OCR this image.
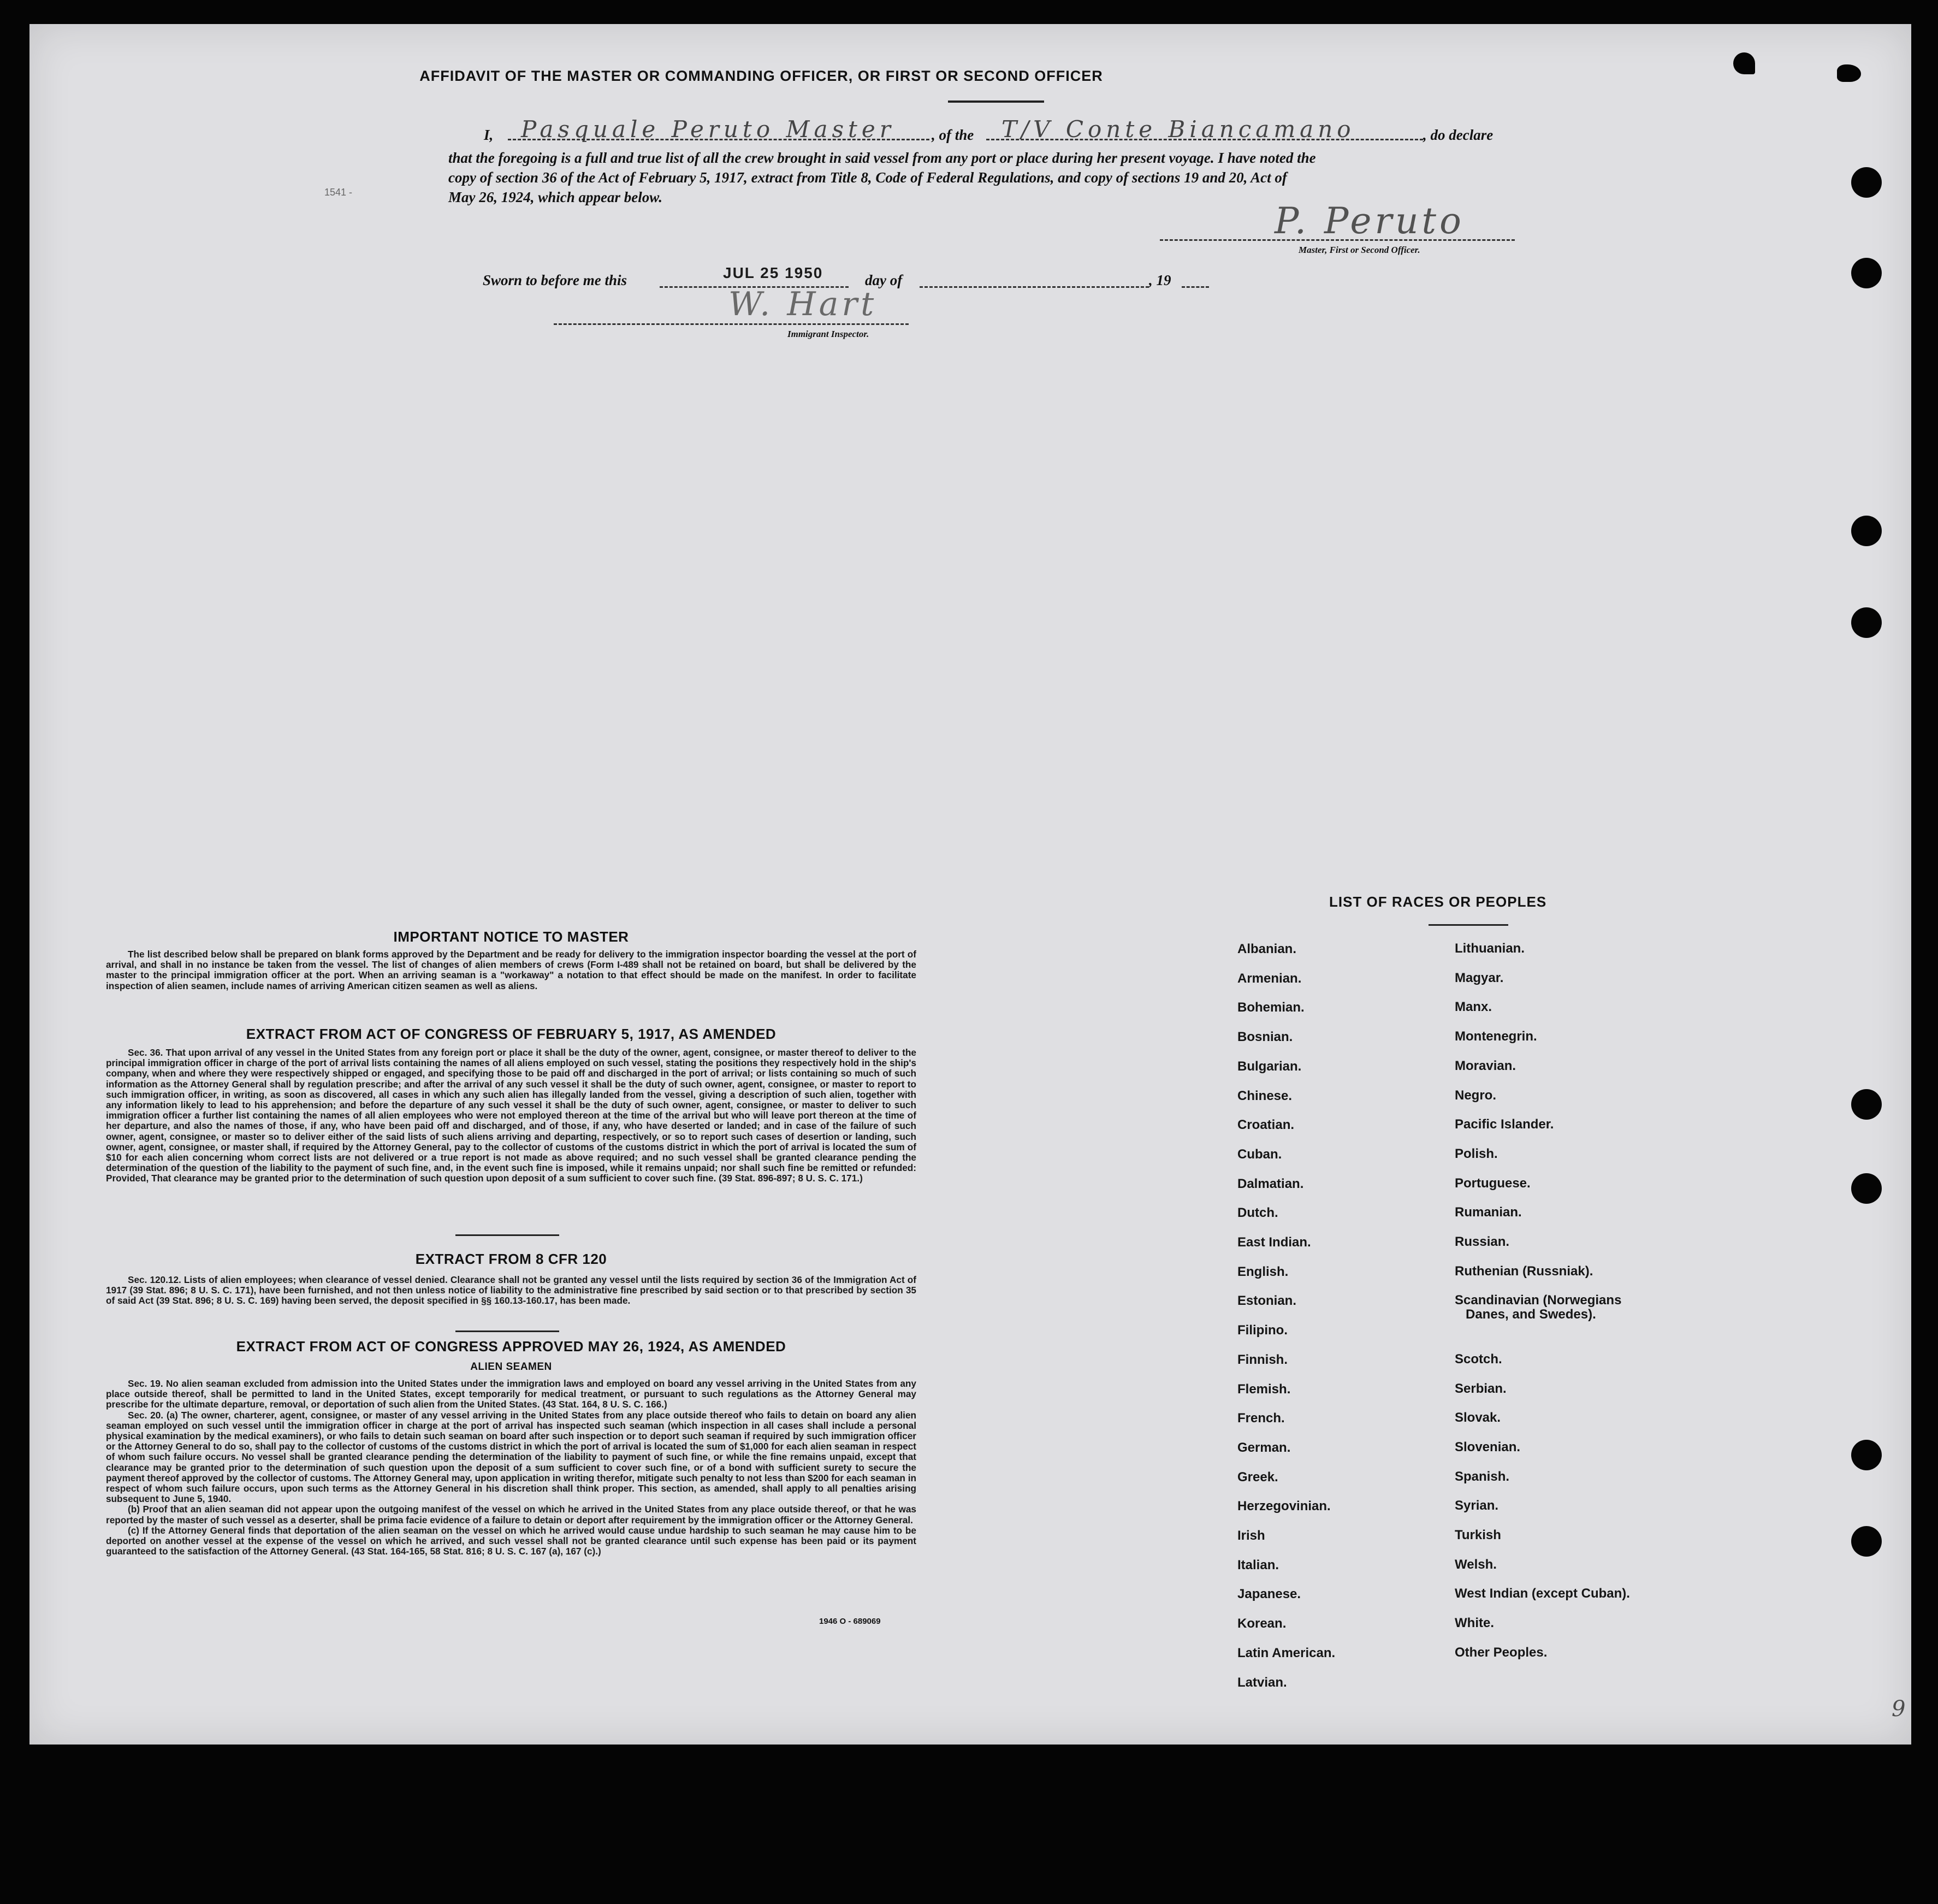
AFFIDAVIT OF THE MASTER OR COMMANDING OFFICER, OR FIRST OR SECOND OFFICER
I, Pasquale Peruto Master , of the T/V Conte Biancamano	, do declare
that the foregoing is a full and true list of all the crew brought in said vessel from any port or place during her present voyage. I have noted the
copy of section 36 of the Act of February 5, 1917, extract from Title 8, Code of Federal Regulations, and copy of sections 19 and 20, Act of
May 26, 1924, which appear below.
1541 -
P. Peruto
Master, First or Second Officer.
Sworn to before me this	JUL 25 1950	day of	, 19
W. Hart
Immigrant Inspector.
IMPORTANT NOTICE TO MASTER

The list described below shall be prepared on blank forms approved by the Department and be ready for delivery to the immigration inspector boarding the vessel at the port of arrival, and shall in no instance be taken from the vessel. The list of changes of alien members of crews (Form I-489 shall not be retained on board, but shall be delivered by the master to the principal immigration officer at the port. When an arriving seaman is a "workaway" a notation to that effect should be made on the manifest. In order to facilitate inspection of alien seamen, include names of arriving American citizen seamen as well as aliens.

EXTRACT FROM ACT OF CONGRESS OF FEBRUARY 5, 1917, AS AMENDED

Sec. 36. That upon arrival of any vessel in the United States from any foreign port or place it shall be the duty of the owner, agent, consignee, or master thereof to deliver to the principal immigration officer in charge of the port of arrival lists containing the names of all aliens employed on such vessel, stating the positions they respectively hold in the ship's company, when and where they were respectively shipped or engaged, and specifying those to be paid off and discharged in the port of arrival; or lists containing so much of such information as the Attorney General shall by regulation prescribe; and after the arrival of any such vessel it shall be the duty of such owner, agent, consignee, or master to report to such immigration officer, in writing, as soon as discovered, all cases in which any such alien has illegally landed from the vessel, giving a description of such alien, together with any information likely to lead to his apprehension; and before the departure of any such vessel it shall be the duty of such owner, agent, consignee, or master to deliver to such immigration officer a further list containing the names of all alien employees who were not employed thereon at the time of the arrival but who will leave port thereon at the time of her departure, and also the names of those, if any, who have been paid off and discharged, and of those, if any, who have deserted or landed; and in case of the failure of such owner, agent, consignee, or master so to deliver either of the said lists of such aliens arriving and departing, respectively, or so to report such cases of desertion or landing, such owner, agent, consignee, or master shall, if required by the Attorney General, pay to the collector of customs of the customs district in which the port of arrival is located the sum of $10 for each alien concerning whom correct lists are not delivered or a true report is not made as above required; and no such vessel shall be granted clearance pending the determination of the question of the liability to the payment of such fine, and, in the event such fine is imposed, while it remains unpaid; nor shall such fine be remitted or refunded: Provided, That clearance may be granted prior to the determination of such question upon deposit of a sum sufficient to cover such fine. (39 Stat. 896-897; 8 U. S. C. 171.)

EXTRACT FROM 8 CFR 120

Sec. 120.12. Lists of alien employees; when clearance of vessel denied. Clearance shall not be granted any vessel until the lists required by section 36 of the Immigration Act of 1917 (39 Stat. 896; 8 U. S. C. 171), have been furnished, and not then unless notice of liability to the administrative fine prescribed by said section or to that prescribed by section 35 of said Act (39 Stat. 896; 8 U. S. C. 169) having been served, the deposit specified in §§ 160.13-160.17, has been made.

EXTRACT FROM ACT OF CONGRESS APPROVED MAY 26, 1924, AS AMENDED
ALIEN SEAMEN

Sec. 19. No alien seaman excluded from admission into the United States under the immigration laws and employed on board any vessel arriving in the United States from any place outside thereof, shall be permitted to land in the United States, except temporarily for medical treatment, or pursuant to such regulations as the Attorney General may prescribe for the ultimate departure, removal, or deportation of such alien from the United States. (43 Stat. 164, 8 U. S. C. 166.)

Sec. 20. (a) The owner, charterer, agent, consignee, or master of any vessel arriving in the United States from any place outside thereof who fails to detain on board any alien seaman employed on such vessel until the immigration officer in charge at the port of arrival has inspected such seaman (which inspection in all cases shall include a personal physical examination by the medical examiners), or who fails to detain such seaman on board after such inspection or to deport such seaman if required by such immigration officer or the Attorney General to do so, shall pay to the collector of customs of the customs district in which the port of arrival is located the sum of $1,000 for each alien seaman in respect of whom such failure occurs. No vessel shall be granted clearance pending the determination of the liability to payment of such fine, or while the fine remains unpaid, except that clearance may be granted prior to the determination of such question upon the deposit of a sum sufficient to cover such fine, or of a bond with sufficient surety to secure the payment thereof approved by the collector of customs. The Attorney General may, upon application in writing therefor, mitigate such penalty to not less than $200 for each seaman in respect of whom such failure occurs, upon such terms as the Attorney General in his discretion shall think proper. This section, as amended, shall apply to all penalties arising subsequent to June 5, 1940.

(b) Proof that an alien seaman did not appear upon the outgoing manifest of the vessel on which he arrived in the United States from any place outside thereof, or that he was reported by the master of such vessel as a deserter, shall be prima facie evidence of a failure to detain or deport after requirement by the immigration officer or the Attorney General.

(c) If the Attorney General finds that deportation of the alien seaman on the vessel on which he arrived would cause undue hardship to such seaman he may cause him to be deported on another vessel at the expense of the vessel on which he arrived, and such vessel shall not be granted clearance until such expense has been paid or its payment guaranteed to the satisfaction of the Attorney General. (43 Stat. 164-165, 58 Stat. 816; 8 U. S. C. 167 (a), 167 (c).)

1946 O - 689069
LIST OF RACES OR PEOPLES
9
Albanian.
Armenian.
Bohemian.
Bosnian.
Bulgarian.
Chinese.
Croatian.
Cuban.
Dalmatian.
Dutch.
East Indian.
English.
Estonian.
Filipino.
Finnish.
Flemish.
French.
German.
Greek.
Herzegovinian.
Irish
Italian.
Japanese.
Korean.
Latin American.
Latvian.
Lithuanian.
Magyar.
Manx.
Montenegrin.
Moravian.
Negro.
Pacific Islander.
Polish.
Portuguese.
Rumanian.
Russian.
Ruthenian (Russniak).
Scandinavian (Norwegians
Danes, and Swedes).
Scotch.
Serbian.
Slovak.
Slovenian.
Spanish.
Syrian.
Turkish
Welsh.
West Indian (except Cuban).
White.
Other Peoples.
